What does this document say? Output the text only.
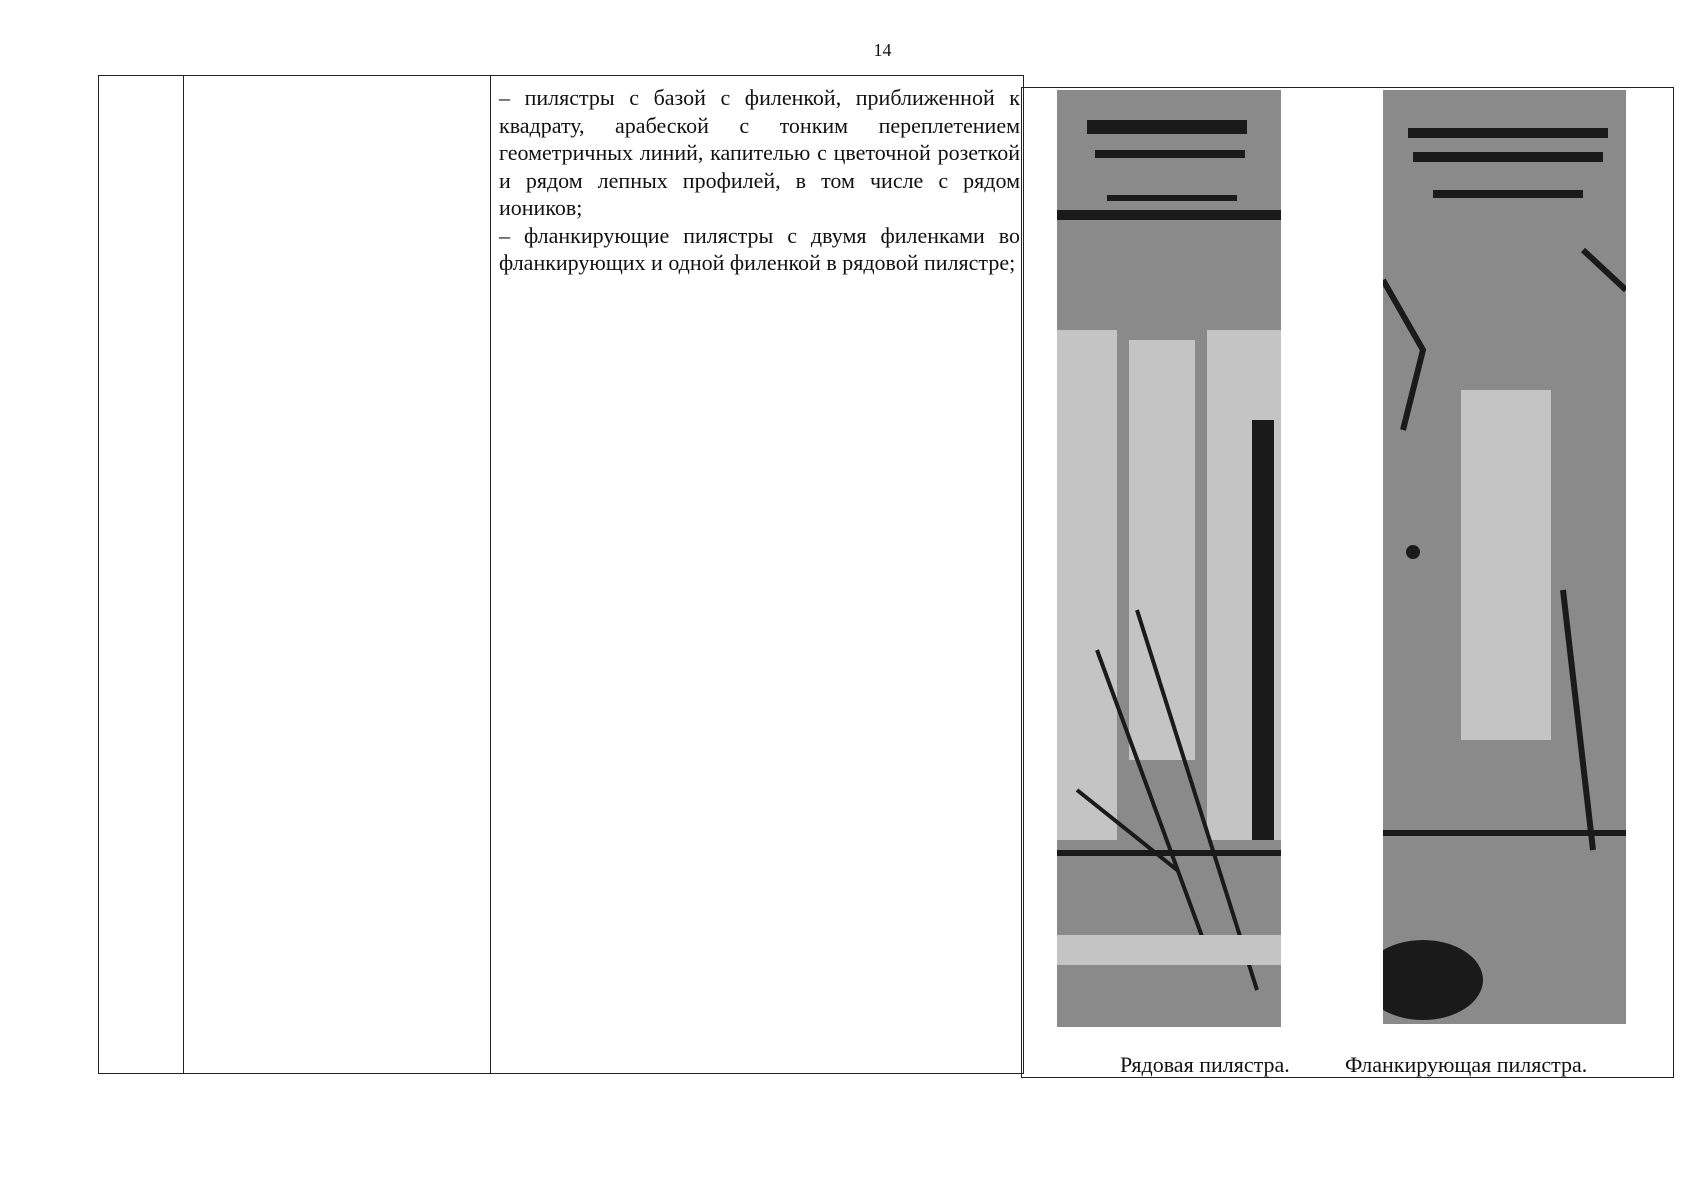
14

– пилястры с базой с филенкой, приближенной к квадрату, арабеской с тонким переплетением геометричных линий, капителью с цветочной розеткой и рядом лепных профилей, в том числе с рядом иоников;

– фланкирующие пилястры с двумя филенками во фланкирующих и одной филенкой в рядовой пилястре;

Рядовая пилястра.	Фланкирующая пилястра.
